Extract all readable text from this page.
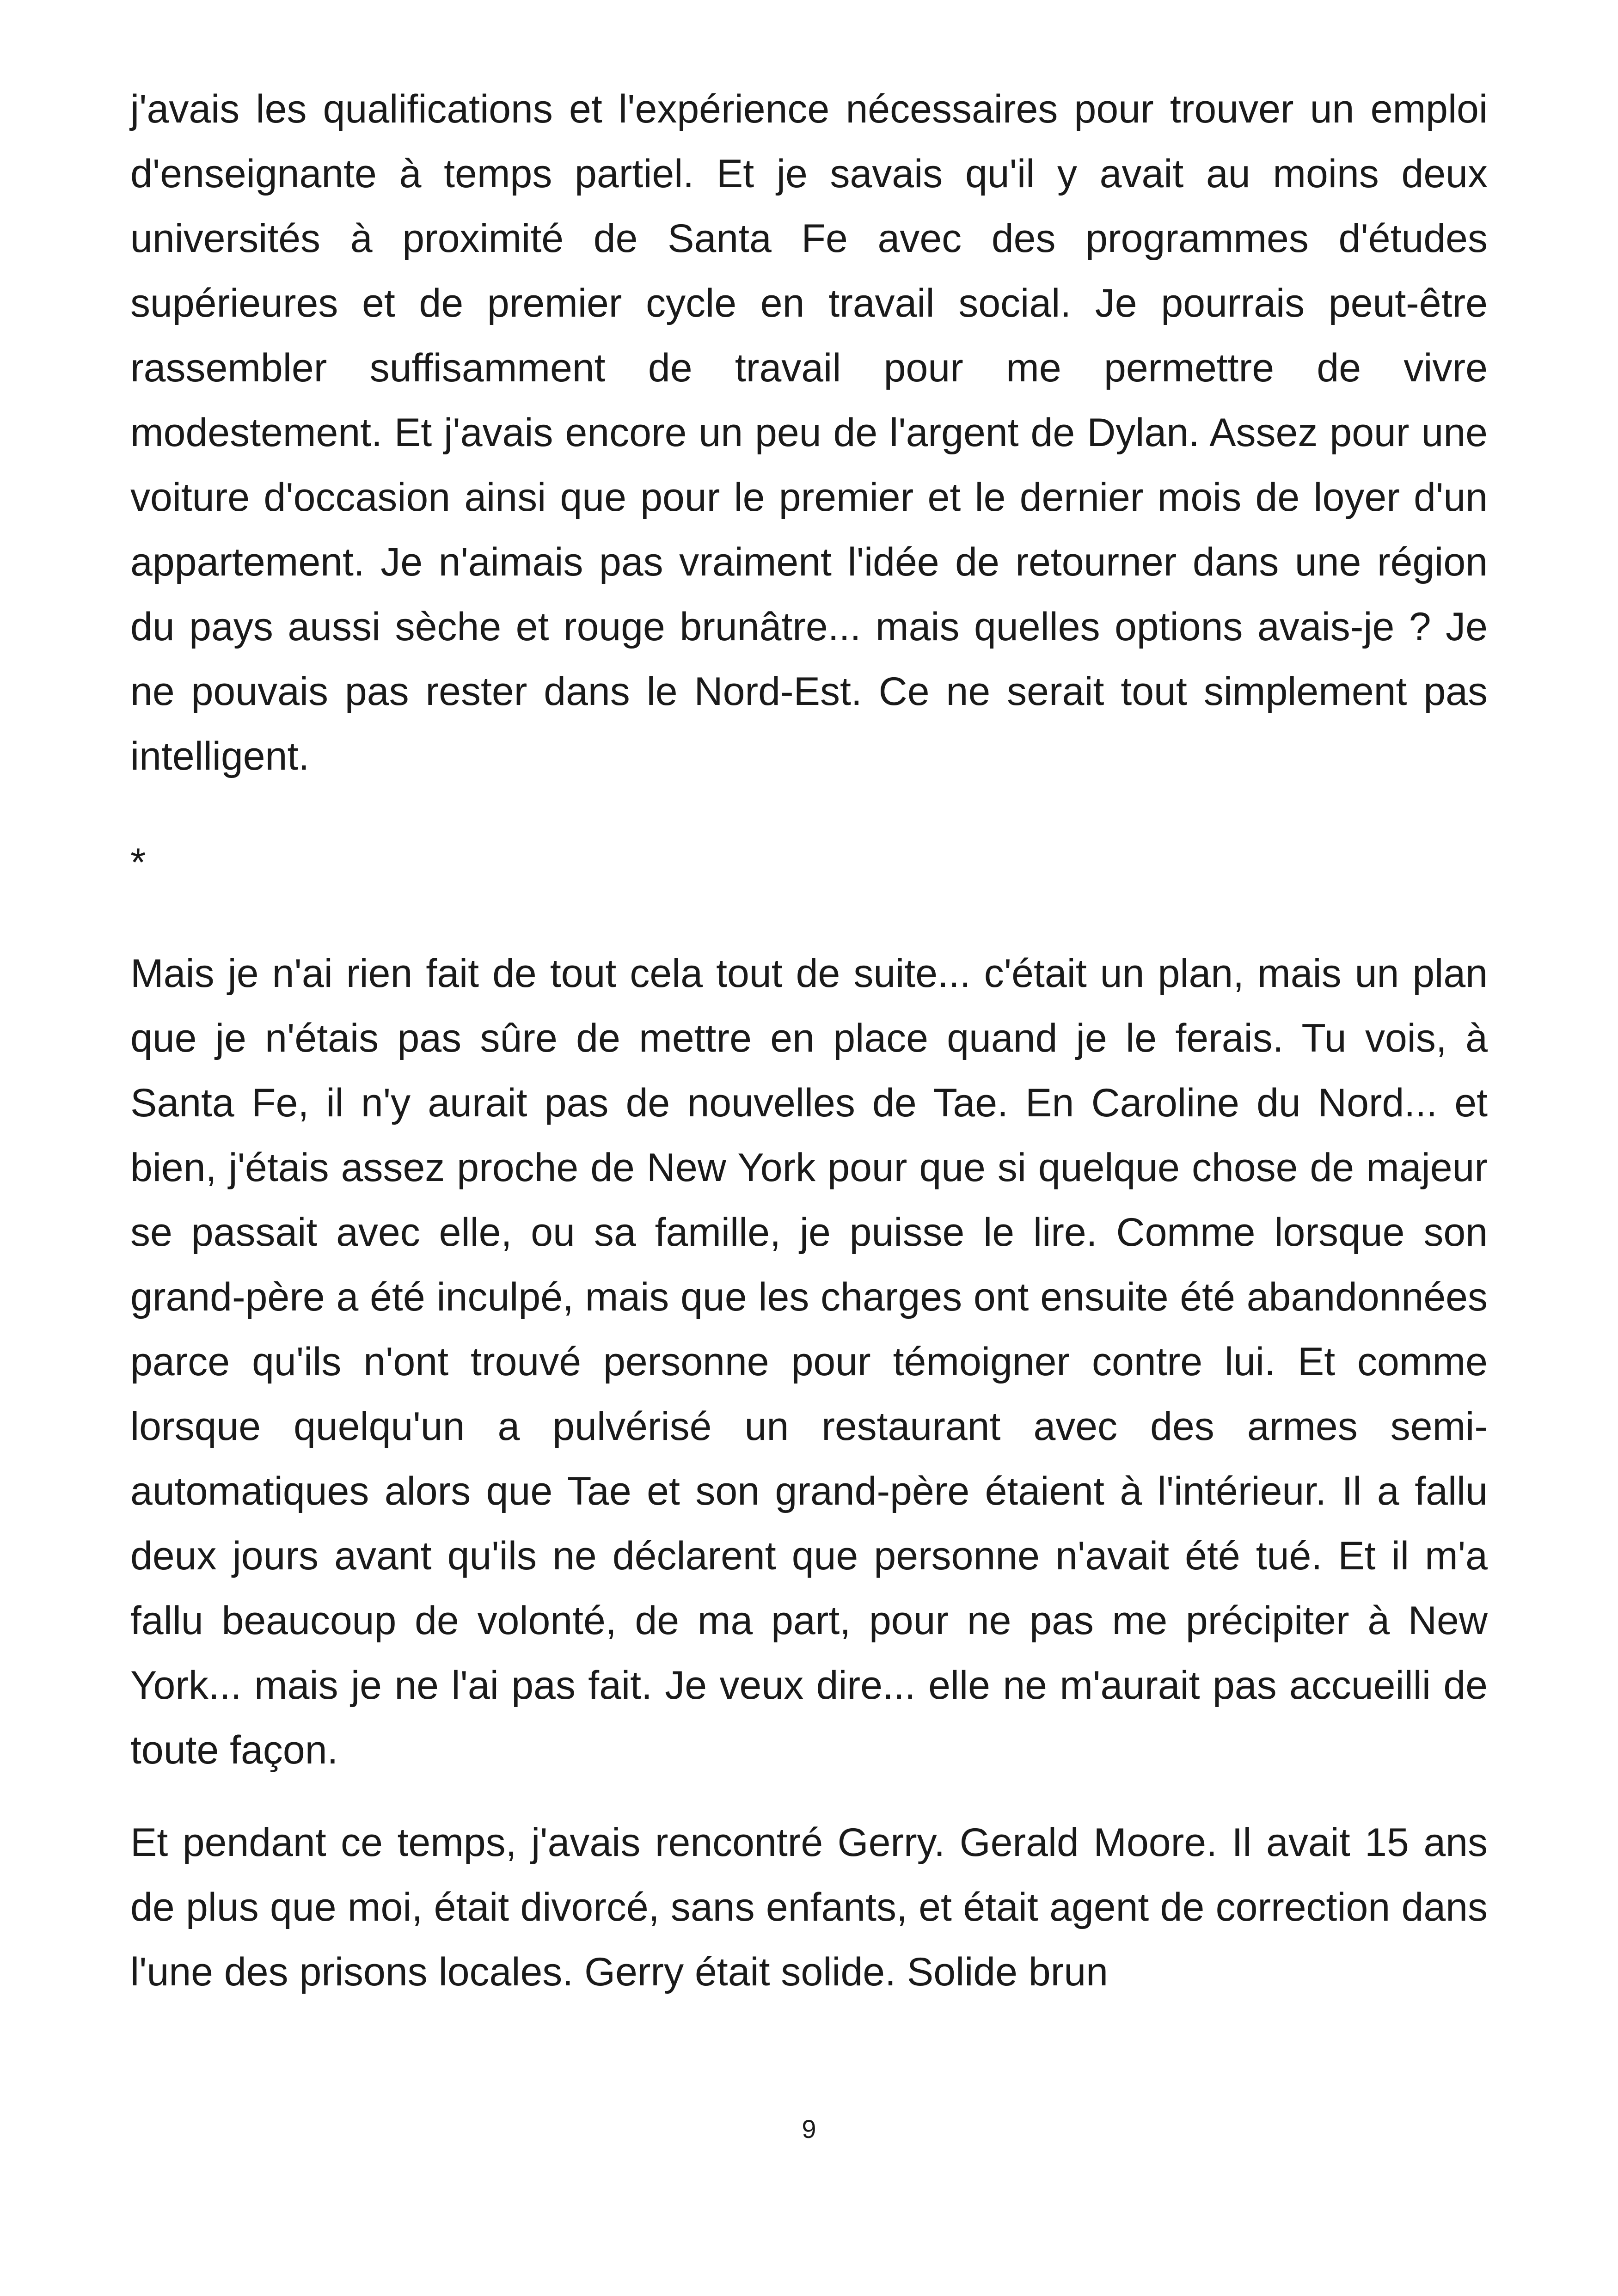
j'avais les qualifications et l'expérience nécessaires pour trouver un emploi d'enseignante à temps partiel. Et je savais qu'il y avait au moins deux universités à proximité de Santa Fe avec des programmes d'études supérieures et de premier cycle en travail social. Je pourrais peut-être rassembler suffisamment de travail pour me permettre de vivre modestement. Et j'avais encore un peu de l'argent de Dylan. Assez pour une voiture d'occasion ainsi que pour le premier et le dernier mois de loyer d'un appartement. Je n'aimais pas vraiment l'idée de retourner dans une région du pays aussi sèche et rouge brunâtre... mais quelles options avais-je ? Je ne pouvais pas rester dans le Nord-Est. Ce ne serait tout simplement pas intelligent.

*

Mais je n'ai rien fait de tout cela tout de suite... c'était un plan, mais un plan que je n'étais pas sûre de mettre en place quand je le ferais. Tu vois, à Santa Fe, il n'y aurait pas de nouvelles de Tae. En Caroline du Nord... et bien, j'étais assez proche de New York pour que si quelque chose de majeur se passait avec elle, ou sa famille, je puisse le lire. Comme lorsque son grand-père a été inculpé, mais que les charges ont ensuite été abandonnées parce qu'ils n'ont trouvé personne pour témoigner contre lui. Et comme lorsque quelqu'un a pulvérisé un restaurant avec des armes semi-automatiques alors que Tae et son grand-père étaient à l'intérieur. Il a fallu deux jours avant qu'ils ne déclarent que personne n'avait été tué. Et il m'a fallu beaucoup de volonté, de ma part, pour ne pas me précipiter à New York... mais je ne l'ai pas fait. Je veux dire... elle ne m'aurait pas accueilli de toute façon.

Et pendant ce temps, j'avais rencontré Gerry. Gerald Moore. Il avait 15 ans de plus que moi, était divorcé, sans enfants, et était agent de correction dans l'une des prisons locales. Gerry était solide. Solide brun

9
